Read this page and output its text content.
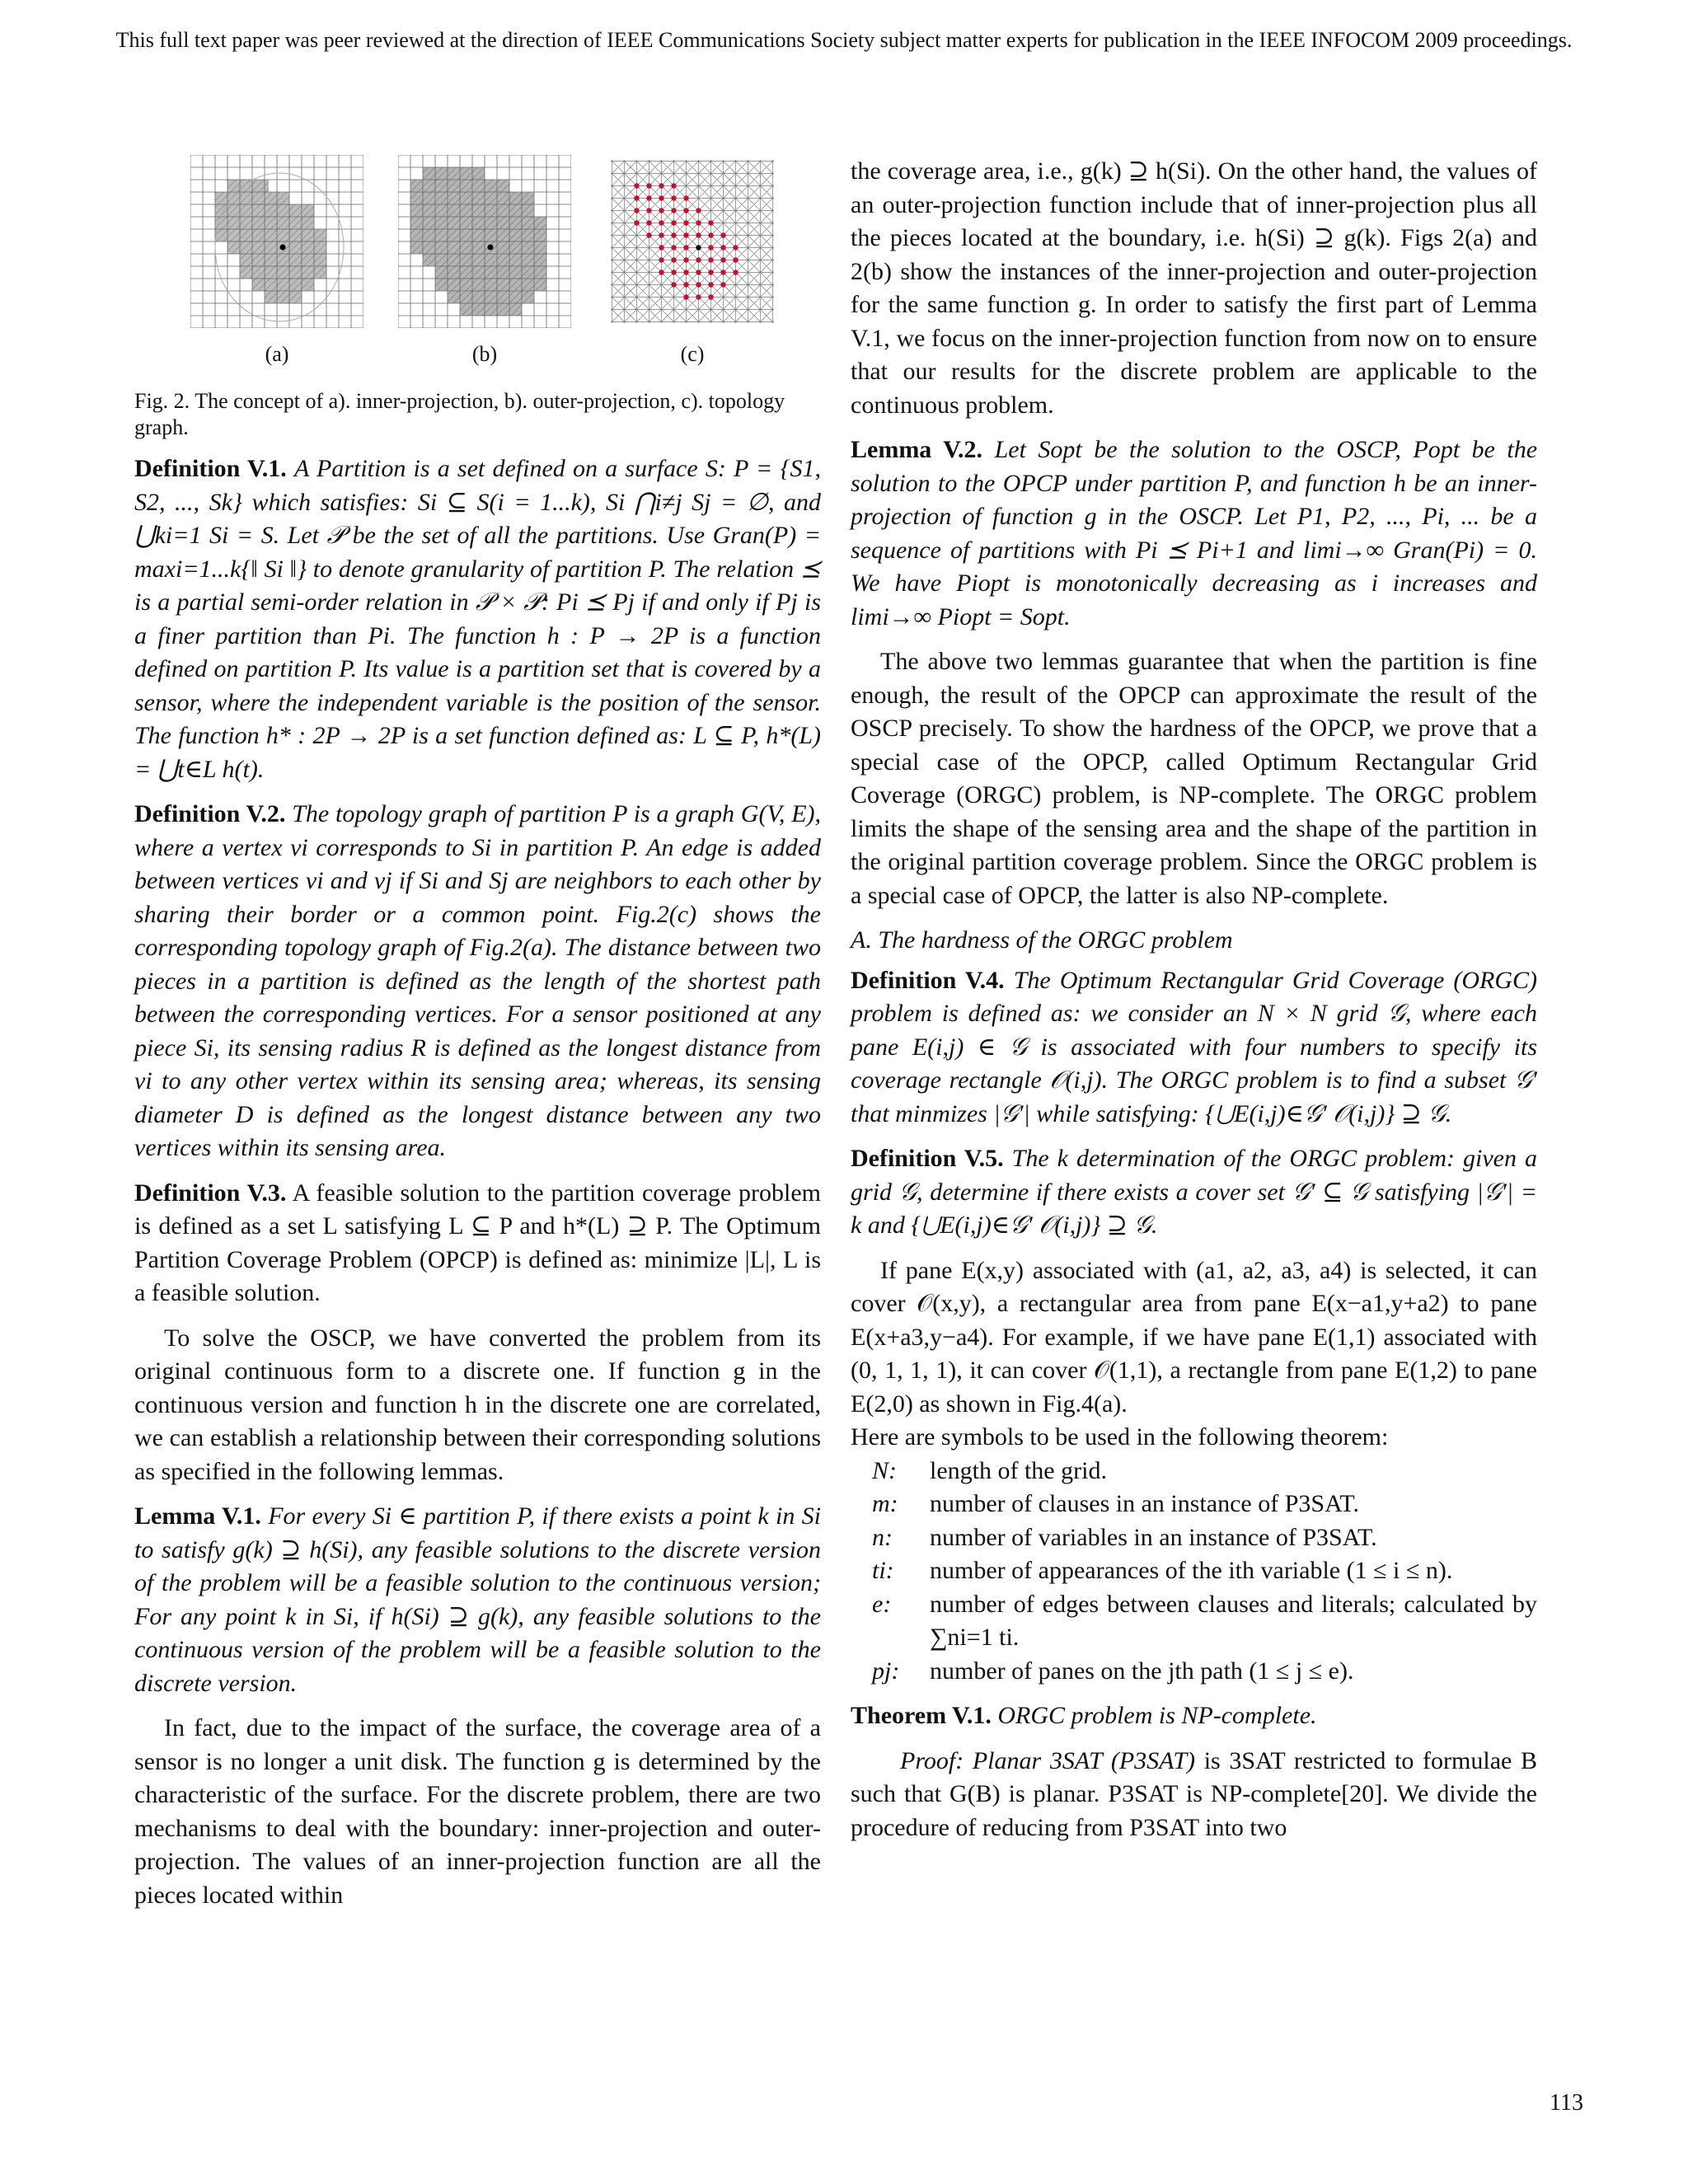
This full text paper was peer reviewed at the direction of IEEE Communications Society subject matter experts for publication in the IEEE INFOCOM 2009 proceedings.
(a)	(b)	(c)

Fig. 2. The concept of a). inner-projection, b). outer-projection, c). topology graph.

Definition V.1. A Partition is a set defined on a surface S: P = {S1, S2, ..., Sk} which satisfies: Si ⊆ S(i = 1...k), Si ⋂i≠j Sj = ∅, and ⋃ki=1 Si = S. Let 𝒫 be the set of all the partitions. Use Gran(P) = maxi=1...k{‖ Si ‖} to denote granularity of partition P. The relation ⪯ is a partial semi-order relation in 𝒫 × 𝒫: Pi ⪯ Pj if and only if Pj is a finer partition than Pi. The function h : P → 2P is a function defined on partition P. Its value is a partition set that is covered by a sensor, where the independent variable is the position of the sensor. The function h* : 2P → 2P is a set function defined as: L ⊆ P, h*(L) = ⋃t∈L h(t).

Definition V.2. The topology graph of partition P is a graph G(V, E), where a vertex vi corresponds to Si in partition P. An edge is added between vertices vi and vj if Si and Sj are neighbors to each other by sharing their border or a common point. Fig.2(c) shows the corresponding topology graph of Fig.2(a). The distance between two pieces in a partition is defined as the length of the shortest path between the corresponding vertices. For a sensor positioned at any piece Si, its sensing radius R is defined as the longest distance from vi to any other vertex within its sensing area; whereas, its sensing diameter D is defined as the longest distance between any two vertices within its sensing area.

Definition V.3. A feasible solution to the partition coverage problem is defined as a set L satisfying L ⊆ P and h*(L) ⊇ P. The Optimum Partition Coverage Problem (OPCP) is defined as: minimize |L|, L is a feasible solution.

To solve the OSCP, we have converted the problem from its original continuous form to a discrete one. If function g in the continuous version and function h in the discrete one are correlated, we can establish a relationship between their corresponding solutions as specified in the following lemmas.

Lemma V.1. For every Si ∈ partition P, if there exists a point k in Si to satisfy g(k) ⊇ h(Si), any feasible solutions to the discrete version of the problem will be a feasible solution to the continuous version; For any point k in Si, if h(Si) ⊇ g(k), any feasible solutions to the continuous version of the problem will be a feasible solution to the discrete version.

In fact, due to the impact of the surface, the coverage area of a sensor is no longer a unit disk. The function g is determined by the characteristic of the surface. For the discrete problem, there are two mechanisms to deal with the boundary: inner-projection and outer-projection. The values of an inner-projection function are all the pieces located within

the coverage area, i.e., g(k) ⊇ h(Si). On the other hand, the values of an outer-projection function include that of inner-projection plus all the pieces located at the boundary, i.e. h(Si) ⊇ g(k). Figs 2(a) and 2(b) show the instances of the inner-projection and outer-projection for the same function g. In order to satisfy the first part of Lemma V.1, we focus on the inner-projection function from now on to ensure that our results for the discrete problem are applicable to the continuous problem.

Lemma V.2. Let Sopt be the solution to the OSCP, Popt be the solution to the OPCP under partition P, and function h be an inner-projection of function g in the OSCP. Let P1, P2, ..., Pi, ... be a sequence of partitions with Pi ⪯ Pi+1 and limi→∞ Gran(Pi) = 0. We have Piopt is monotonically decreasing as i increases and limi→∞ Piopt = Sopt.

The above two lemmas guarantee that when the partition is fine enough, the result of the OPCP can approximate the result of the OSCP precisely. To show the hardness of the OPCP, we prove that a special case of the OPCP, called Optimum Rectangular Grid Coverage (ORGC) problem, is NP-complete. The ORGC problem limits the shape of the sensing area and the shape of the partition in the original partition coverage problem. Since the ORGC problem is a special case of OPCP, the latter is also NP-complete.

A. The hardness of the ORGC problem

Definition V.4. The Optimum Rectangular Grid Coverage (ORGC) problem is defined as: we consider an N × N grid 𝒢, where each pane E(i,j) ∈ 𝒢 is associated with four numbers to specify its coverage rectangle 𝒪(i,j). The ORGC problem is to find a subset 𝒢′ that minmizes |𝒢′| while satisfying: {⋃E(i,j)∈𝒢′ 𝒪(i,j)} ⊇ 𝒢.

Definition V.5. The k determination of the ORGC problem: given a grid 𝒢, determine if there exists a cover set 𝒢′ ⊆ 𝒢 satisfying |𝒢′| = k and {⋃E(i,j)∈𝒢′ 𝒪(i,j)} ⊇ 𝒢.

If pane E(x,y) associated with (a1, a2, a3, a4) is selected, it can cover 𝒪(x,y), a rectangular area from pane E(x−a1,y+a2) to pane E(x+a3,y−a4). For example, if we have pane E(1,1) associated with (0, 1, 1, 1), it can cover 𝒪(1,1), a rectangle from pane E(1,2) to pane E(2,0) as shown in Fig.4(a).

Here are symbols to be used in the following theorem:

N:	length of the grid.
m:	number of clauses in an instance of P3SAT.
n:	number of variables in an instance of P3SAT.
ti:	number of appearances of the ith variable (1 ≤ i ≤ n).
e:	number of edges between clauses and literals; calculated by ∑ni=1 ti.
pj:	number of panes on the jth path (1 ≤ j ≤ e).

Theorem V.1. ORGC problem is NP-complete.

Proof: Planar 3SAT (P3SAT) is 3SAT restricted to formulae B such that G(B) is planar. P3SAT is NP-complete[20]. We divide the procedure of reducing from P3SAT into two

113
